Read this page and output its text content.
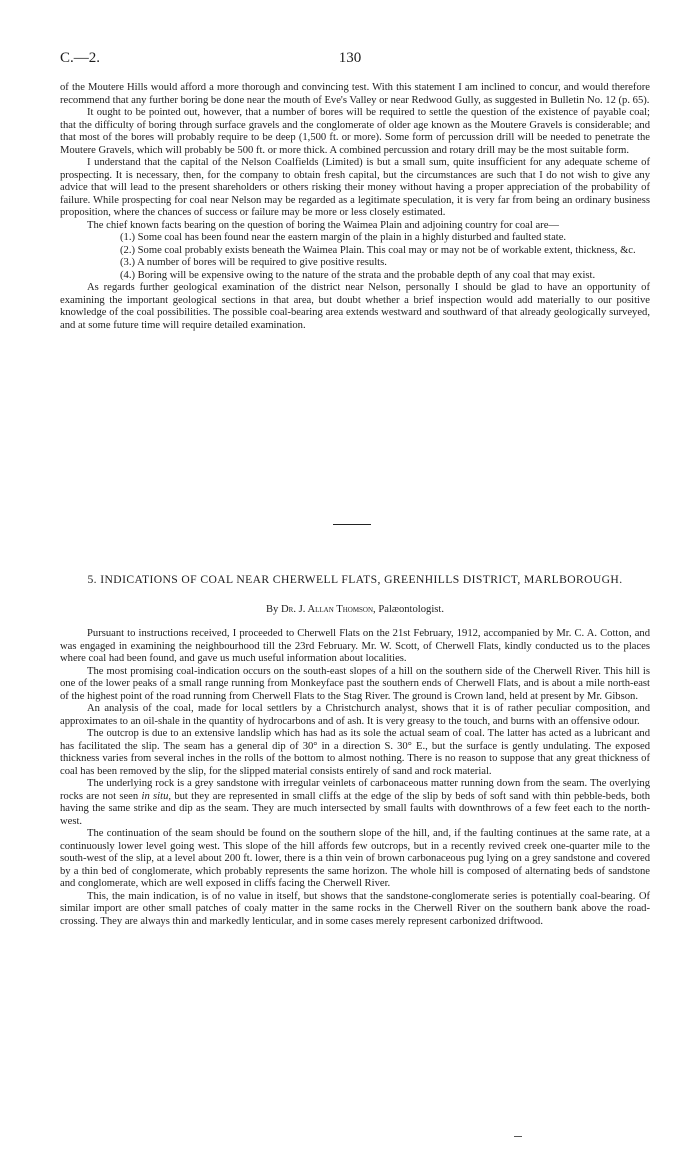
C.—2.	130

of the Moutere Hills would afford a more thorough and convincing test. With this statement I am inclined to concur, and would therefore recommend that any further boring be done near the mouth of Eve's Valley or near Redwood Gully, as suggested in Bulletin No. 12 (p. 65).

It ought to be pointed out, however, that a number of bores will be required to settle the question of the existence of payable coal; that the difficulty of boring through surface gravels and the conglomerate of older age known as the Moutere Gravels is considerable; and that most of the bores will probably require to be deep (1,500 ft. or more). Some form of percussion drill will be needed to penetrate the Moutere Gravels, which will probably be 500 ft. or more thick. A combined percussion and rotary drill may be the most suitable form.

I understand that the capital of the Nelson Coalfields (Limited) is but a small sum, quite insufficient for any adequate scheme of prospecting. It is necessary, then, for the company to obtain fresh capital, but the circumstances are such that I do not wish to give any advice that will lead to the present shareholders or others risking their money without having a proper appreciation of the probability of failure. While prospecting for coal near Nelson may be regarded as a legitimate speculation, it is very far from being an ordinary business proposition, where the chances of success or failure may be more or less closely estimated.

The chief known facts bearing on the question of boring the Waimea Plain and adjoining country for coal are—

(1.) Some coal has been found near the eastern margin of the plain in a highly disturbed and faulted state.
(2.) Some coal probably exists beneath the Waimea Plain. This coal may or may not be of workable extent, thickness, &c.
(3.) A number of bores will be required to give positive results.
(4.) Boring will be expensive owing to the nature of the strata and the probable depth of any coal that may exist.

As regards further geological examination of the district near Nelson, personally I should be glad to have an opportunity of examining the important geological sections in that area, but doubt whether a brief inspection would add materially to our positive knowledge of the coal possibilities. The possible coal-bearing area extends westward and southward of that already geologically surveyed, and at some future time will require detailed examination.

5. INDICATIONS OF COAL NEAR CHERWELL FLATS, GREENHILLS DISTRICT, MARLBOROUGH.
By Dr. J. Allan Thomson, Palæontologist.

Pursuant to instructions received, I proceeded to Cherwell Flats on the 21st February, 1912, accompanied by Mr. C. A. Cotton, and was engaged in examining the neighbourhood till the 23rd February. Mr. W. Scott, of Cherwell Flats, kindly conducted us to the places where coal had been found, and gave us much useful information about localities.

The most promising coal-indication occurs on the south-east slopes of a hill on the southern side of the Cherwell River. This hill is one of the lower peaks of a small range running from Monkeyface past the southern ends of Cherwell Flats, and is about a mile north-east of the highest point of the road running from Cherwell Flats to the Stag River. The ground is Crown land, held at present by Mr. Gibson.

An analysis of the coal, made for local settlers by a Christchurch analyst, shows that it is of rather peculiar composition, and approximates to an oil-shale in the quantity of hydrocarbons and of ash. It is very greasy to the touch, and burns with an offensive odour.

The outcrop is due to an extensive landslip which has had as its sole the actual seam of coal. The latter has acted as a lubricant and has facilitated the slip. The seam has a general dip of 30° in a direction S. 30° E., but the surface is gently undulating. The exposed thickness varies from several inches in the rolls of the bottom to almost nothing. There is no reason to suppose that any great thickness of coal has been removed by the slip, for the slipped material consists entirely of sand and rock material.

The underlying rock is a grey sandstone with irregular veinlets of carbonaceous matter running down from the seam. The overlying rocks are not seen in situ, but they are represented in small cliffs at the edge of the slip by beds of soft sand with thin pebble-beds, both having the same strike and dip as the seam. They are much intersected by small faults with downthrows of a few feet each to the north-west.

The continuation of the seam should be found on the southern slope of the hill, and, if the faulting continues at the same rate, at a continuously lower level going west. This slope of the hill affords few outcrops, but in a recently revived creek one-quarter mile to the south-west of the slip, at a level about 200 ft. lower, there is a thin vein of brown carbonaceous pug lying on a grey sandstone and covered by a thin bed of conglomerate, which probably represents the same horizon. The whole hill is composed of alternating beds of sandstone and conglomerate, which are well exposed in cliffs facing the Cherwell River.

This, the main indication, is of no value in itself, but shows that the sandstone-conglomerate series is potentially coal-bearing. Of similar import are other small patches of coaly matter in the same rocks in the Cherwell River on the southern bank above the road-crossing. They are always thin and markedly lenticular, and in some cases merely represent carbonized driftwood.
